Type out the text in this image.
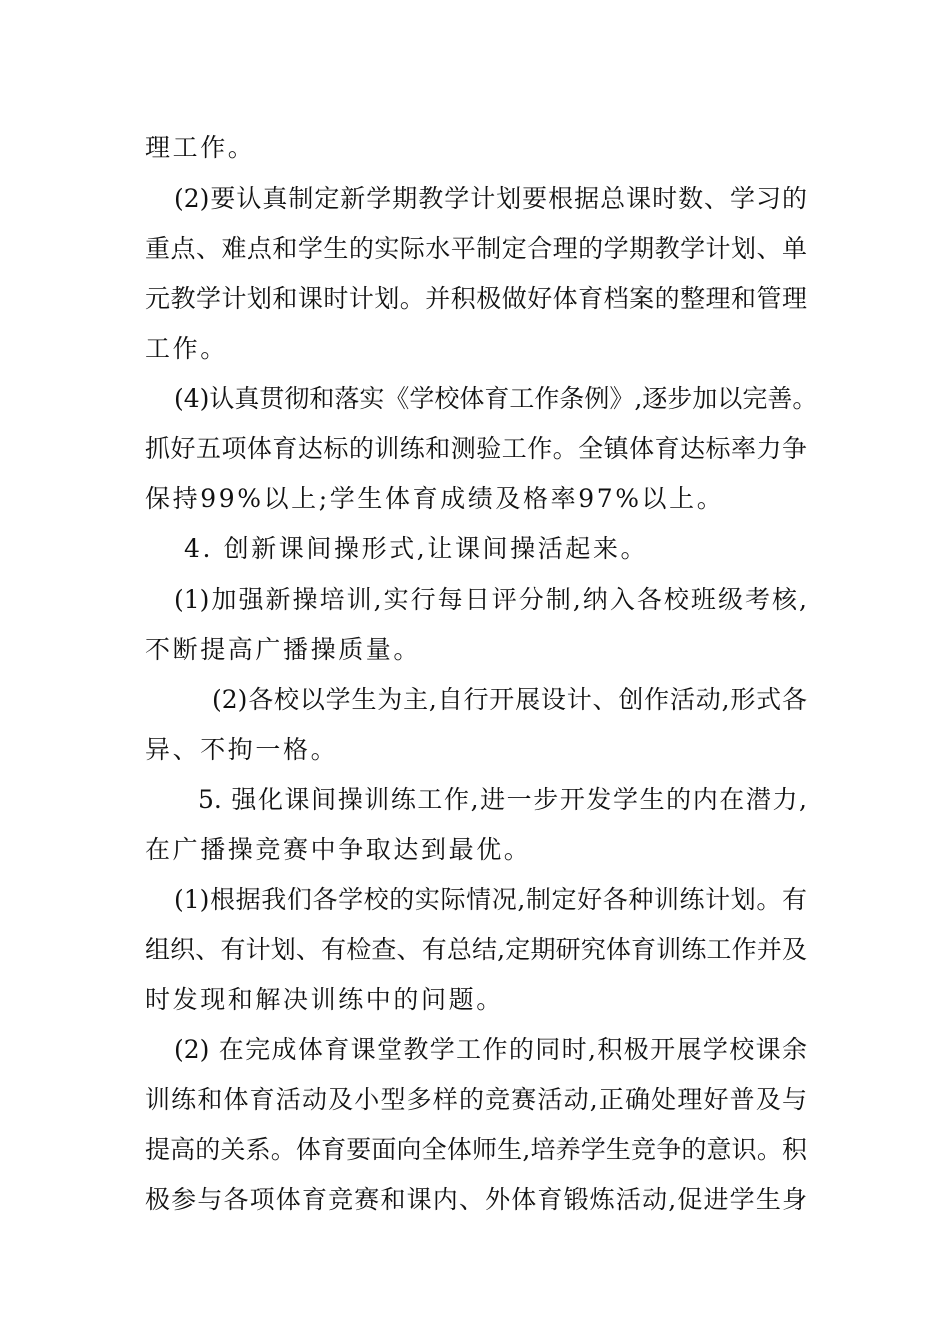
理工作。
(2)要认真制定新学期教学计划要根据总课时数、学习的
重点、难点和学生的实际水平制定合理的学期教学计划、单
元教学计划和课时计划。并积极做好体育档案的整理和管理
工作。
(4)认真贯彻和落实《学校体育工作条例》,逐步加以完善。
抓好五项体育达标的训练和测验工作。全镇体育达标率力争
保持99%以上;学生体育成绩及格率97%以上。
4. 创新课间操形式,让课间操活起来。
(1)加强新操培训,实行每日评分制,纳入各校班级考核,
不断提高广播操质量。
(2)各校以学生为主,自行开展设计、创作活动,形式各
异、不拘一格。
5. 强化课间操训练工作,进一步开发学生的内在潜力,
在广播操竞赛中争取达到最优。
(1)根据我们各学校的实际情况,制定好各种训练计划。有
组织、有计划、有检查、有总结,定期研究体育训练工作并及
时发现和解决训练中的问题。
(2) 在完成体育课堂教学工作的同时,积极开展学校课余
训练和体育活动及小型多样的竞赛活动,正确处理好普及与
提高的关系。体育要面向全体师生,培养学生竞争的意识。积
极参与各项体育竞赛和课内、外体育锻炼活动,促进学生身
